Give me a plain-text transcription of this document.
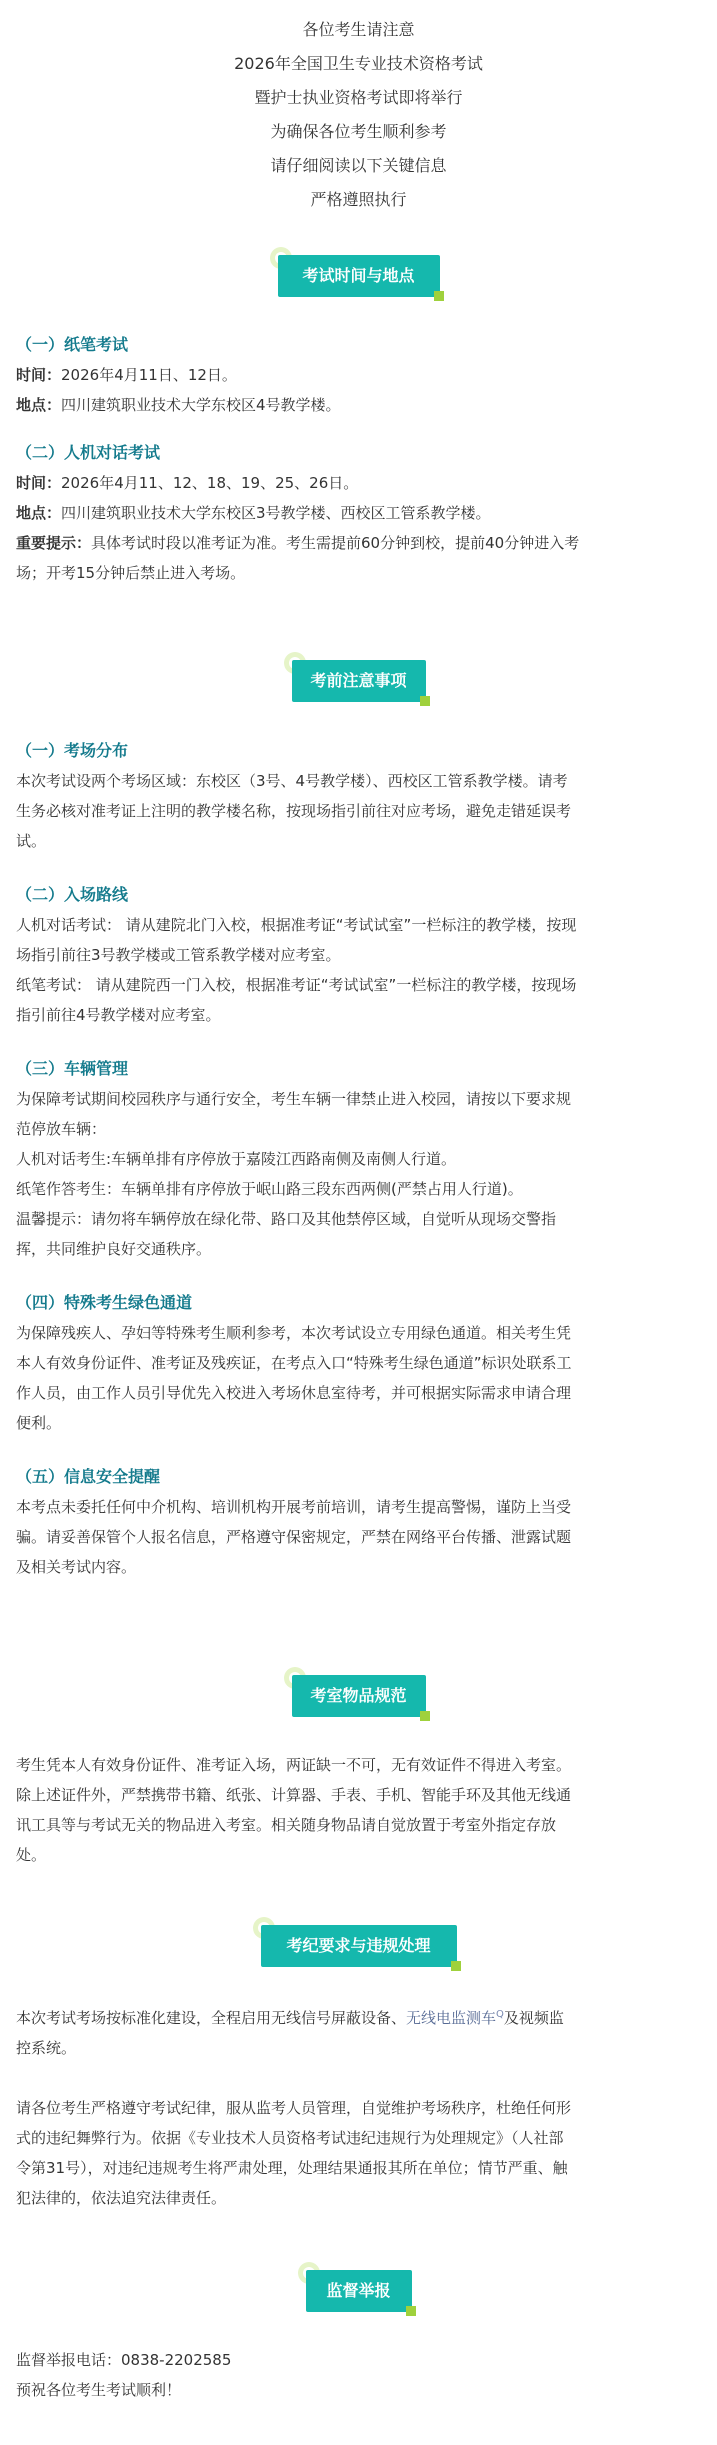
各位考生请注意

2026年全国卫生专业技术资格考试

暨护士执业资格考试即将举行

为确保各位考生顺利参考

请仔细阅读以下关键信息

严格遵照执行

考试时间与地点

（一）纸笔考试

时间：2026年4月11日、12日。

地点：四川建筑职业技术大学东校区4号教学楼。

（二）人机对话考试

时间：2026年4月11、12、18、19、25、26日。

地点：四川建筑职业技术大学东校区3号教学楼、西校区工管系教学楼。

重要提示：具体考试时段以准考证为准。考生需提前60分钟到校，提前40分钟进入考

场；开考15分钟后禁止进入考场。

考前注意事项

（一）考场分布

本次考试设两个考场区域：东校区（3号、4号教学楼）、西校区工管系教学楼。请考

生务必核对准考证上注明的教学楼名称，按现场指引前往对应考场，避免走错延误考

试。

（二）入场路线

人机对话考试： 请从建院北门入校，根据准考证“考试试室”一栏标注的教学楼，按现

场指引前往3号教学楼或工管系教学楼对应考室。

纸笔考试： 请从建院西一门入校，根据准考证“考试试室”一栏标注的教学楼，按现场

指引前往4号教学楼对应考室。

（三）车辆管理

为保障考试期间校园秩序与通行安全，考生车辆一律禁止进入校园，请按以下要求规

范停放车辆：

人机对话考生:车辆单排有序停放于嘉陵江西路南侧及南侧人行道。

纸笔作答考生：车辆单排有序停放于岷山路三段东西两侧(严禁占用人行道)。

温馨提示：请勿将车辆停放在绿化带、路口及其他禁停区域，自觉听从现场交警指

挥，共同维护良好交通秩序。

（四）特殊考生绿色通道

为保障残疾人、孕妇等特殊考生顺利参考，本次考试设立专用绿色通道。相关考生凭

本人有效身份证件、准考证及残疾证，在考点入口“特殊考生绿色通道”标识处联系工

作人员，由工作人员引导优先入校进入考场休息室待考，并可根据实际需求申请合理

便利。

（五）信息安全提醒

本考点未委托任何中介机构、培训机构开展考前培训，请考生提高警惕，谨防上当受

骗。请妥善保管个人报名信息，严格遵守保密规定，严禁在网络平台传播、泄露试题

及相关考试内容。

考室物品规范

考生凭本人有效身份证件、准考证入场，两证缺一不可，无有效证件不得进入考室。

除上述证件外，严禁携带书籍、纸张、计算器、手表、手机、智能手环及其他无线通

讯工具等与考试无关的物品进入考室。相关随身物品请自觉放置于考室外指定存放

处。

考纪要求与违规处理

本次考试考场按标准化建设，全程启用无线信号屏蔽设备、无线电监测车$^Q$及视频监

控系统。

请各位考生严格遵守考试纪律，服从监考人员管理，自觉维护考场秩序，杜绝任何形

式的违纪舞弊行为。依据《专业技术人员资格考试违纪违规行为处理规定》（人社部

令第31号），对违纪违规考生将严肃处理，处理结果通报其所在单位；情节严重、触

犯法律的，依法追究法律责任。

监督举报

监督举报电话：0838-2202585

预祝各位考生考试顺利！
